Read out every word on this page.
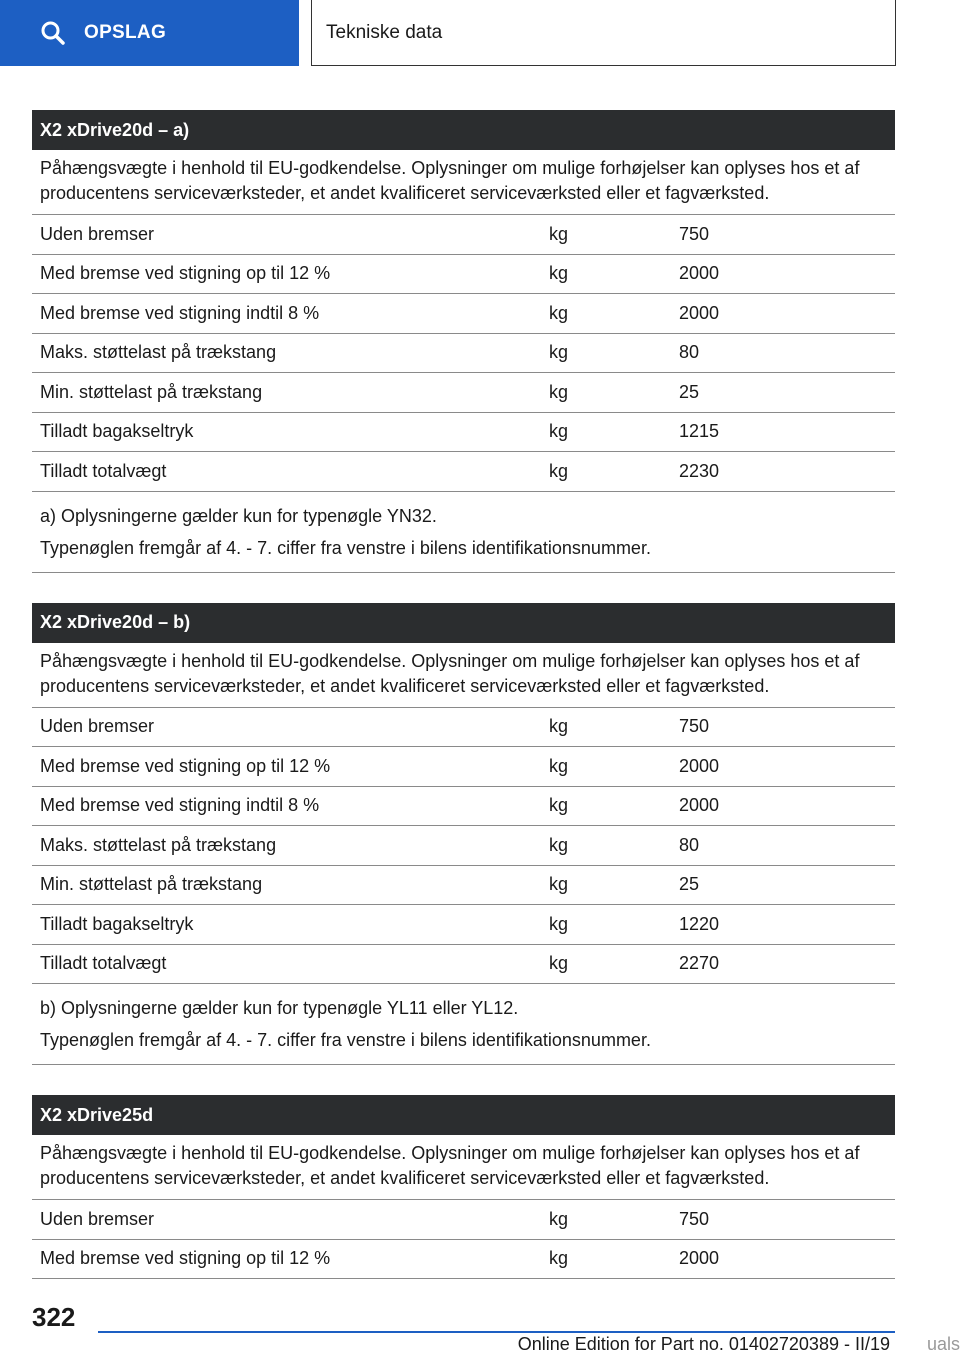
OPSLAG	Tekniske data
X2 xDrive20d – a)
Påhængsvægte i henhold til EU-godkendelse. Oplysninger om mulige forhøjelser kan oplyses hos et af producentens serviceværksteder, et andet kvalificeret serviceværksted eller et fagværksted.
Uden bremser	kg	750
Med bremse ved stigning op til 12 %	kg	2000
Med bremse ved stigning indtil 8 %	kg	2000
Maks. støttelast på trækstang	kg	80
Min. støttelast på trækstang	kg	25
Tilladt bagakseltryk	kg	1215
Tilladt totalvægt	kg	2230
a) Oplysningerne gælder kun for typenøgle YN32.
Typenøglen fremgår af 4. - 7. ciffer fra venstre i bilens identifikationsnummer.
X2 xDrive20d – b)
Påhængsvægte i henhold til EU-godkendelse. Oplysninger om mulige forhøjelser kan oplyses hos et af producentens serviceværksteder, et andet kvalificeret serviceværksted eller et fagværksted.
Uden bremser	kg	750
Med bremse ved stigning op til 12 %	kg	2000
Med bremse ved stigning indtil 8 %	kg	2000
Maks. støttelast på trækstang	kg	80
Min. støttelast på trækstang	kg	25
Tilladt bagakseltryk	kg	1220
Tilladt totalvægt	kg	2270
b) Oplysningerne gælder kun for typenøgle YL11 eller YL12.
Typenøglen fremgår af 4. - 7. ciffer fra venstre i bilens identifikationsnummer.
X2 xDrive25d
Påhængsvægte i henhold til EU-godkendelse. Oplysninger om mulige forhøjelser kan oplyses hos et af producentens serviceværksteder, et andet kvalificeret serviceværksted eller et fagværksted.
Uden bremser	kg	750
Med bremse ved stigning op til 12 %	kg	2000
322
Online Edition for Part no. 01402720389 - II/19 uals
